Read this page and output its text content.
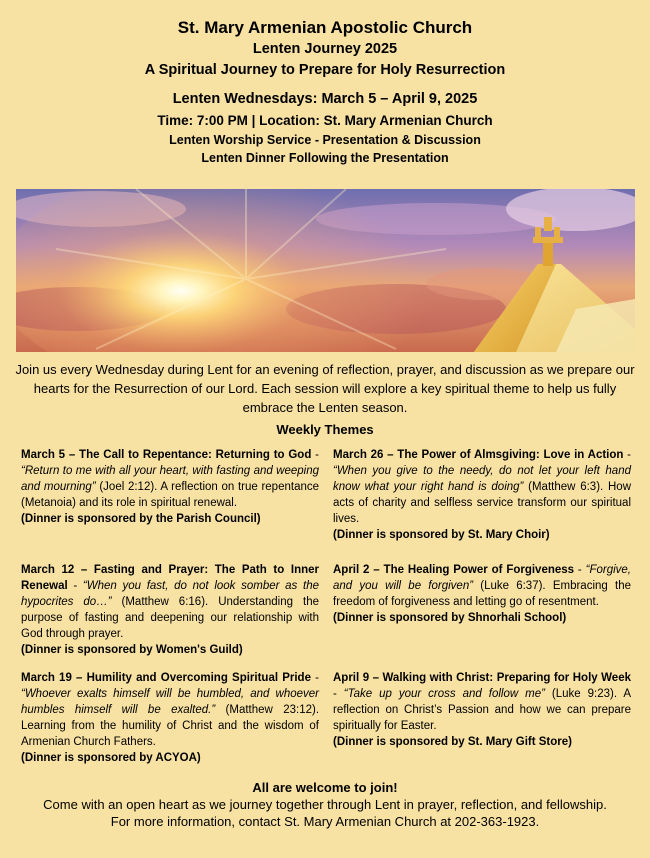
St. Mary Armenian Apostolic Church
Lenten Journey 2025
A Spiritual Journey to Prepare for Holy Resurrection
Lenten Wednesdays: March 5 – April 9, 2025
Time: 7:00 PM | Location: St. Mary Armenian Church
Lenten Worship Service - Presentation & Discussion
Lenten Dinner Following the Presentation
Join us every Wednesday during Lent for an evening of reflection, prayer, and discussion as we prepare our hearts for the Resurrection of our Lord. Each session will explore a key spiritual theme to help us fully embrace the Lenten season.
Weekly Themes
March 5 – The Call to Repentance: Returning to God - “Return to me with all your heart, with fasting and weeping and mourning” (Joel 2:12). A reflection on true repentance (Metanoia) and its role in spiritual renewal.
(Dinner is sponsored by the Parish Council)
March 26 – The Power of Almsgiving: Love in Action - “When you give to the needy, do not let your left hand know what your right hand is doing” (Matthew 6:3). How acts of charity and selfless service transform our spiritual lives.
(Dinner is sponsored by St. Mary Choir)
March 12 – Fasting and Prayer: The Path to Inner Renewal - “When you fast, do not look somber as the hypocrites do…” (Matthew 6:16). Understanding the purpose of fasting and deepening our relationship with God through prayer.
(Dinner is sponsored by Women's Guild)
April 2 – The Healing Power of Forgiveness - “Forgive, and you will be forgiven” (Luke 6:37). Embracing the freedom of forgiveness and letting go of resentment.
(Dinner is sponsored by Shnorhali School)
March 19 – Humility and Overcoming Spiritual Pride - “Whoever exalts himself will be humbled, and whoever humbles himself will be exalted.” (Matthew 23:12). Learning from the humility of Christ and the wisdom of Armenian Church Fathers.
(Dinner is sponsored by ACYOA)
April 9 – Walking with Christ: Preparing for Holy Week - “Take up your cross and follow me” (Luke 9:23). A reflection on Christ’s Passion and how we can prepare spiritually for Easter.
(Dinner is sponsored by St. Mary Gift Store)
All are welcome to join!
Come with an open heart as we journey together through Lent in prayer, reflection, and fellowship.
For more information, contact St. Mary Armenian Church at 202-363-1923.
